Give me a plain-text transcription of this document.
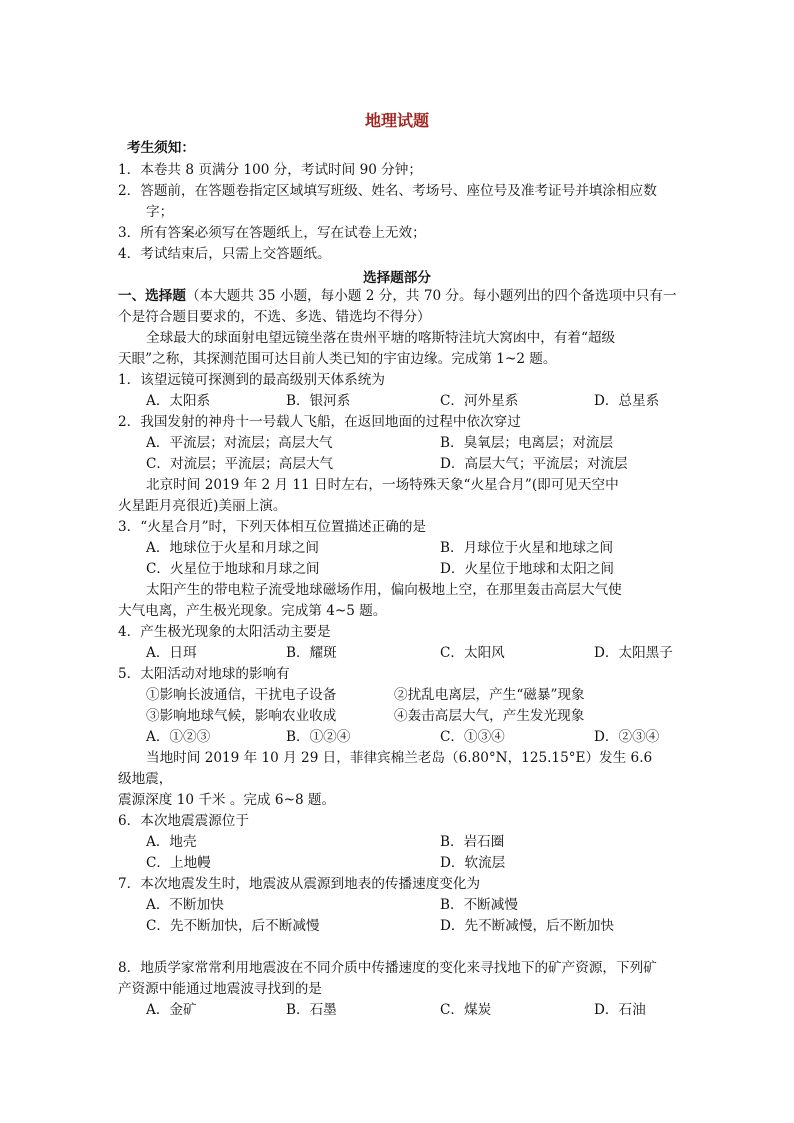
地理试题
考生须知：
1．本卷共 8 页满分 100 分，考试时间 90 分钟；
2．答题前，在答题卷指定区域填写班级、姓名、考场号、座位号及准考证号并填涂相应数
字；
3．所有答案必须写在答题纸上，写在试卷上无效；
4．考试结束后，只需上交答题纸。
选择题部分
一、选择题（本大题共 35 小题，每小题 2 分，共 70 分。每小题列出的四个备选项中只有一
个是符合题目要求的，不选、多选、错选均不得分）
全球最大的球面射电望远镜坐落在贵州平塘的喀斯特洼坑大窝凼中，有着“超级
天眼”之称，其探测范围可达目前人类已知的宇宙边缘。完成第 1~2 题。
1．该望远镜可探测到的最高级别天体系统为
A．太阳系	B．银河系	C．河外星系	D．总星系
2．我国发射的神舟十一号载人飞船，在返回地面的过程中依次穿过
A．平流层；对流层；高层大气	B．臭氧层；电离层；对流层
C．对流层；平流层；高层大气	D．高层大气；平流层；对流层
北京时间 2019 年 2 月 11 日时左右，一场特殊天象“火星合月”(即可见天空中
火星距月亮很近)美丽上演。
3．“火星合月”时，下列天体相互位置描述正确的是
A．地球位于火星和月球之间	B．月球位于火星和地球之间
C．火星位于地球和月球之间	D．火星位于地球和太阳之间
太阳产生的带电粒子流受地球磁场作用，偏向极地上空，在那里轰击高层大气使
大气电离，产生极光现象。完成第 4~5 题。
4．产生极光现象的太阳活动主要是
A．日珥	B．耀斑	C．太阳风	D．太阳黑子
5．太阳活动对地球的影响有
①影响长波通信，干扰电子设备	②扰乱电离层，产生“磁暴”现象
③影响地球气候，影响农业收成	④轰击高层大气，产生发光现象
A．①②③	B．①②④	C．①③④	D．②③④
当地时间 2019 年 10 月 29 日，菲律宾棉兰老岛（6.80°N，125.15°E）发生 6.6
级地震，
震源深度 10 千米 。完成 6~8 题。
6．本次地震震源位于
A．地壳	B．岩石圈
C．上地幔	D．软流层
7．本次地震发生时，地震波从震源到地表的传播速度变化为
A．不断加快	B．不断减慢
C．先不断加快，后不断减慢	D．先不断减慢，后不断加快
8．地质学家常常利用地震波在不同介质中传播速度的变化来寻找地下的矿产资源，下列矿
产资源中能通过地震波寻找到的是
A．金矿	B．石墨	C．煤炭	D．石油
